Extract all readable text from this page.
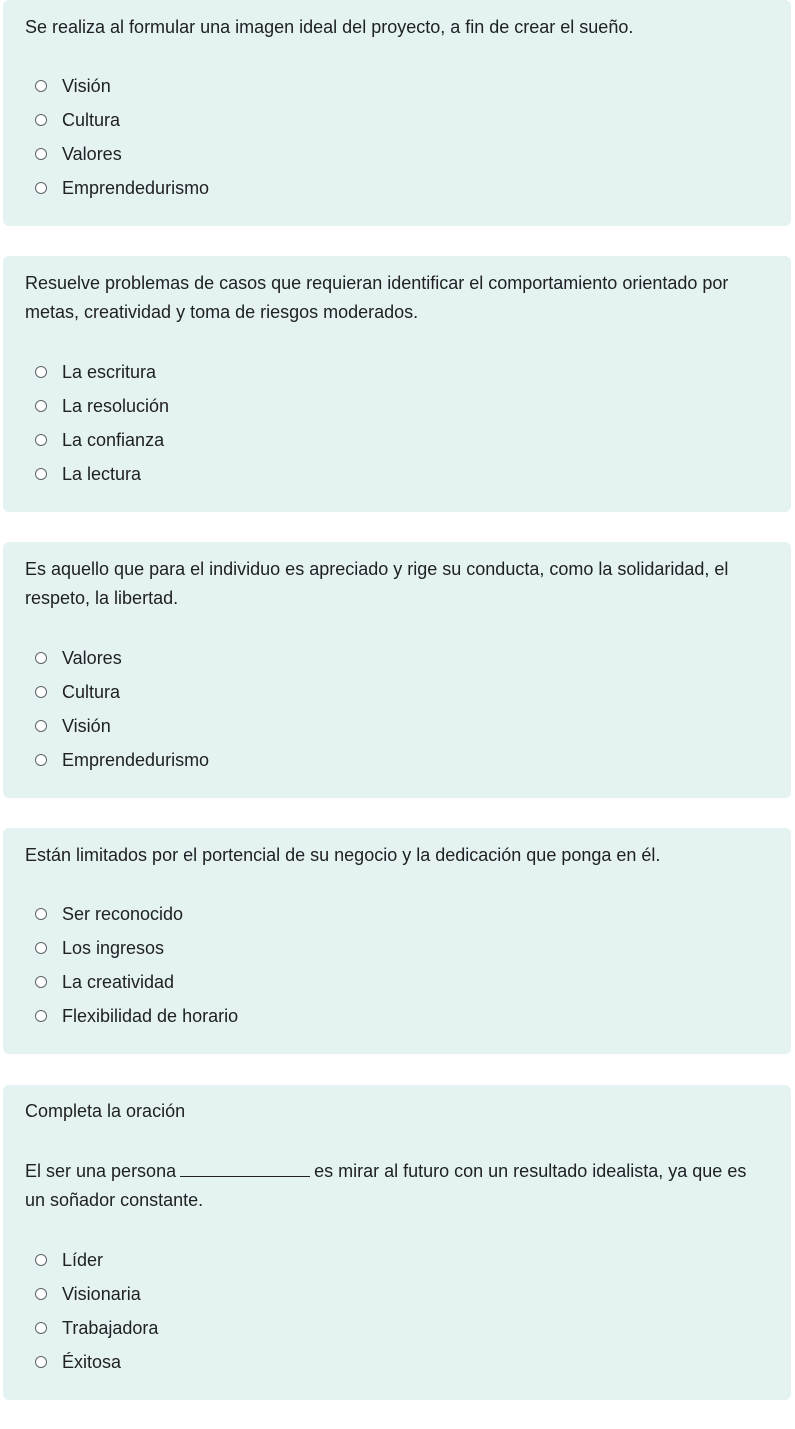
Se realiza al formular una imagen ideal del proyecto, a fin de crear el sueño.

Visión
Cultura
Valores
Emprendedurismo

Resuelve problemas de casos que requieran identificar el comportamiento orientado por metas, creatividad y toma de riesgos moderados.

La escritura
La resolución
La confianza
La lectura

Es aquello que para el individuo es apreciado y rige su conducta, como la solidaridad, el respeto, la libertad.

Valores
Cultura
Visión
Emprendedurismo

Están limitados por el portencial de su negocio y la dedicación que ponga en él.

Ser reconocido
Los ingresos
La creatividad
Flexibilidad de horario

Completa la oración

El ser una persona	es mirar al futuro con un resultado idealista, ya que es un soñador constante.

Líder
Visionaria
Trabajadora
Éxitosa
